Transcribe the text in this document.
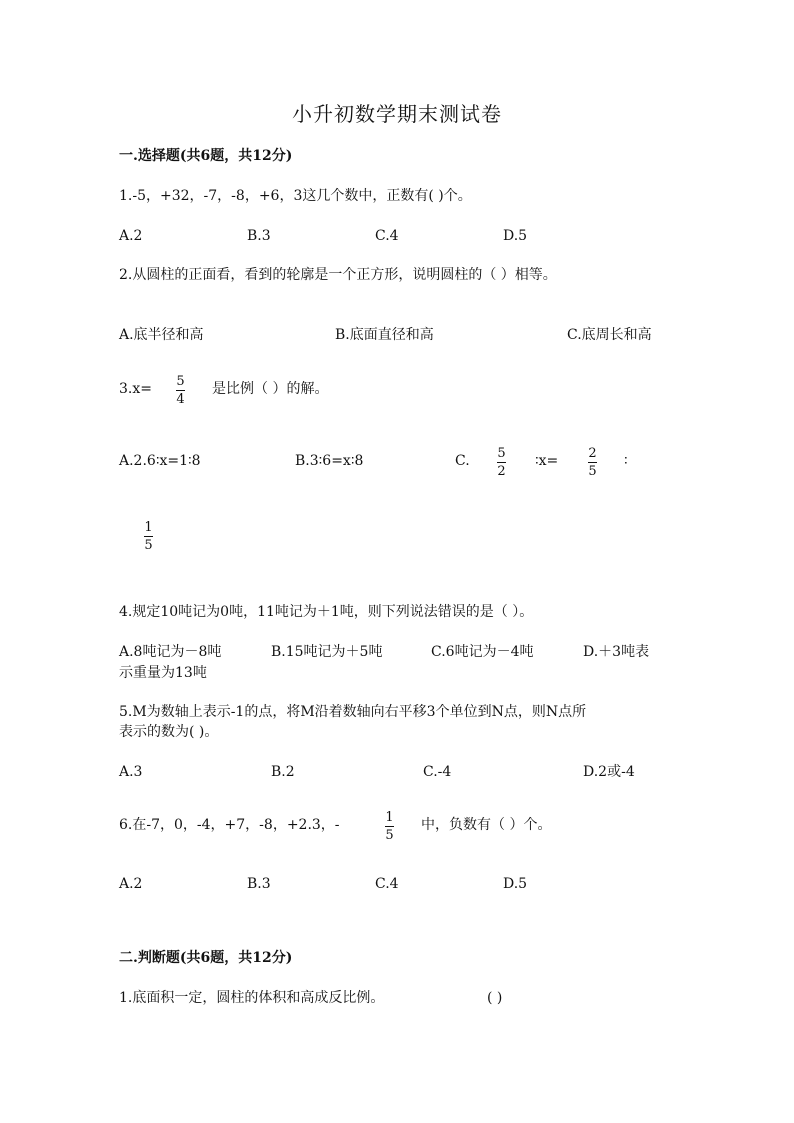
小升初数学期末测试卷
一.选择题(共6题，共12分)
1.-5，+32，-7，-8，+6，3这几个数中，正数有( )个。
A.2	B.3	C.4	D.5
2.从圆柱的正面看，看到的轮廓是一个正方形，说明圆柱的（ ）相等。
A.底半径和高	B.底面直径和高	C.底周长和高
3.x= 5
4
是比例（ ）的解。
A.2.6∶x=1∶8	B.3∶6=x∶8	C. 5
2
∶x= 2
5
∶
1
5
4.规定10吨记为0吨，11吨记为＋1吨，则下列说法错误的是（ ）。
A.8吨记为－8吨	B.15吨记为＋5吨	C.6吨记为－4吨	D.＋3吨表
示重量为13吨
5.M为数轴上表示-1的点，将M沿着数轴向右平移3个单位到N点，则N点所
表示的数为( )。
A.3	B.2	C.-4	D.2或-4
6.在-7，0，-4，+7，-8，+2.3，-	1
5
中，负数有（ ）个。
A.2	B.3	C.4	D.5
二.判断题(共6题，共12分)
1.底面积一定，圆柱的体积和高成反比例。	( )
